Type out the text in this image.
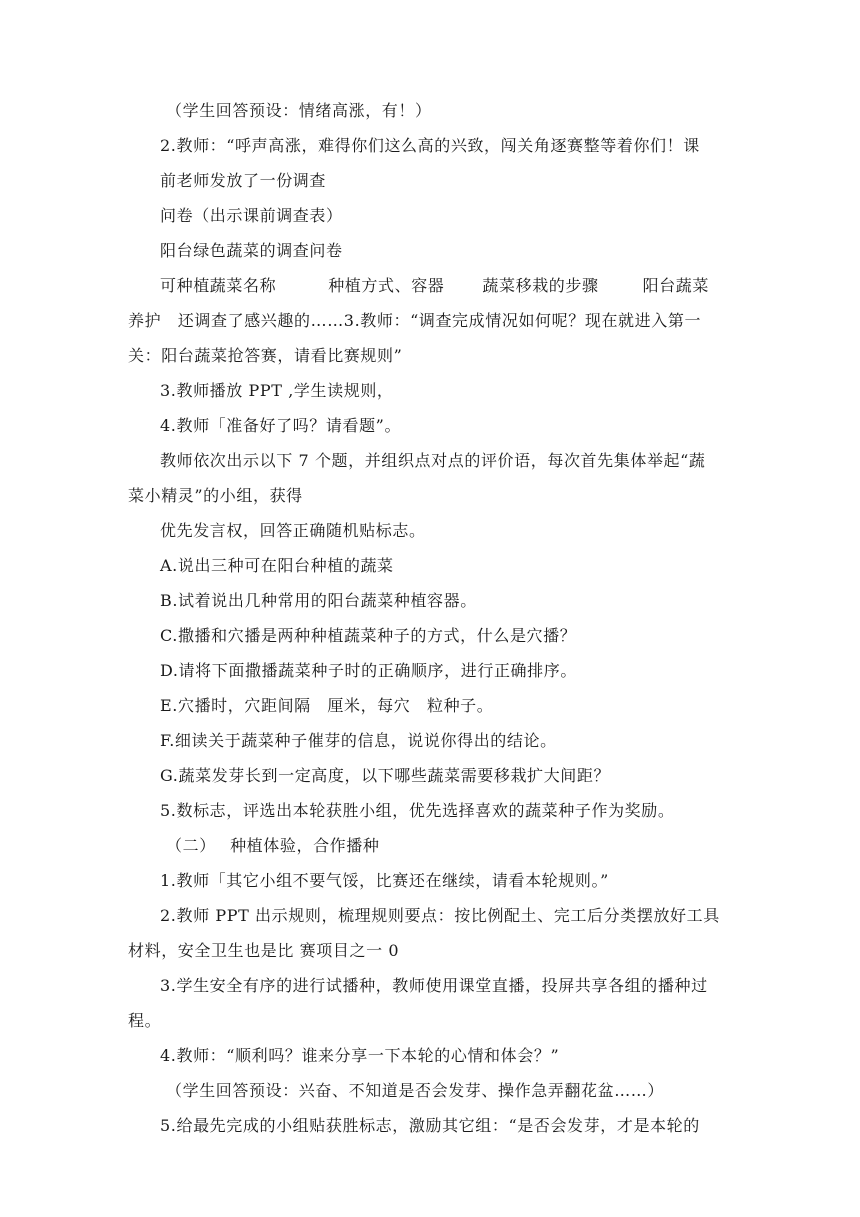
（学生回答预设：情绪高涨，有！）

2.教师：“呼声高涨，难得你们这么高的兴致，闯关角逐赛整等着你们！课

前老师发放了一份调查

问卷（出示课前调查表）

阳台绿色蔬菜的调查问卷

可种植蔬菜名称	种植方式、容器 蔬菜移栽的步骤	阳台蔬菜

养护　还调查了感兴趣的……3.教师：“调查完成情况如何呢？现在就进入第一

关：阳台蔬菜抢答赛，请看比赛规则”

3.教师播放 PPT ,学生读规则，

4.教师「准备好了吗？请看题”。

教师依次出示以下 7 个题，并组织点对点的评价语，每次首先集体举起“蔬

菜小精灵”的小组，获得

优先发言权，回答正确随机贴标志。

A.说出三种可在阳台种植的蔬菜

B.试着说出几种常用的阳台蔬菜种植容器。

C.撒播和穴播是两种种植蔬菜种子的方式，什么是穴播？

D.请将下面撒播蔬菜种子时的正确顺序，进行正确排序。

E.穴播时，穴距间隔　厘米，每穴　粒种子。

F.细读关于蔬菜种子催芽的信息，说说你得出的结论。

G.蔬菜发芽长到一定高度，以下哪些蔬菜需要移栽扩大间距？

5.数标志，评选出本轮获胜小组，优先选择喜欢的蔬菜种子作为奖励。

（二）　 种植体验，合作播种

1.教师「其它小组不要气馁，比赛还在继续，请看本轮规则。”

2.教师 PPT 出示规则，梳理规则要点：按比例配土、完工后分类摆放好工具

材料，安全卫生也是比 赛项目之一 0

3.学生安全有序的进行试播种，教师使用课堂直播，投屏共享各组的播种过

程。

4.教师：“顺利吗？谁来分享一下本轮的心情和体会？”

（学生回答预设：兴奋、不知道是否会发芽、操作急弄翻花盆……）

5.给最先完成的小组贴获胜标志，激励其它组：“是否会发芽，才是本轮的
